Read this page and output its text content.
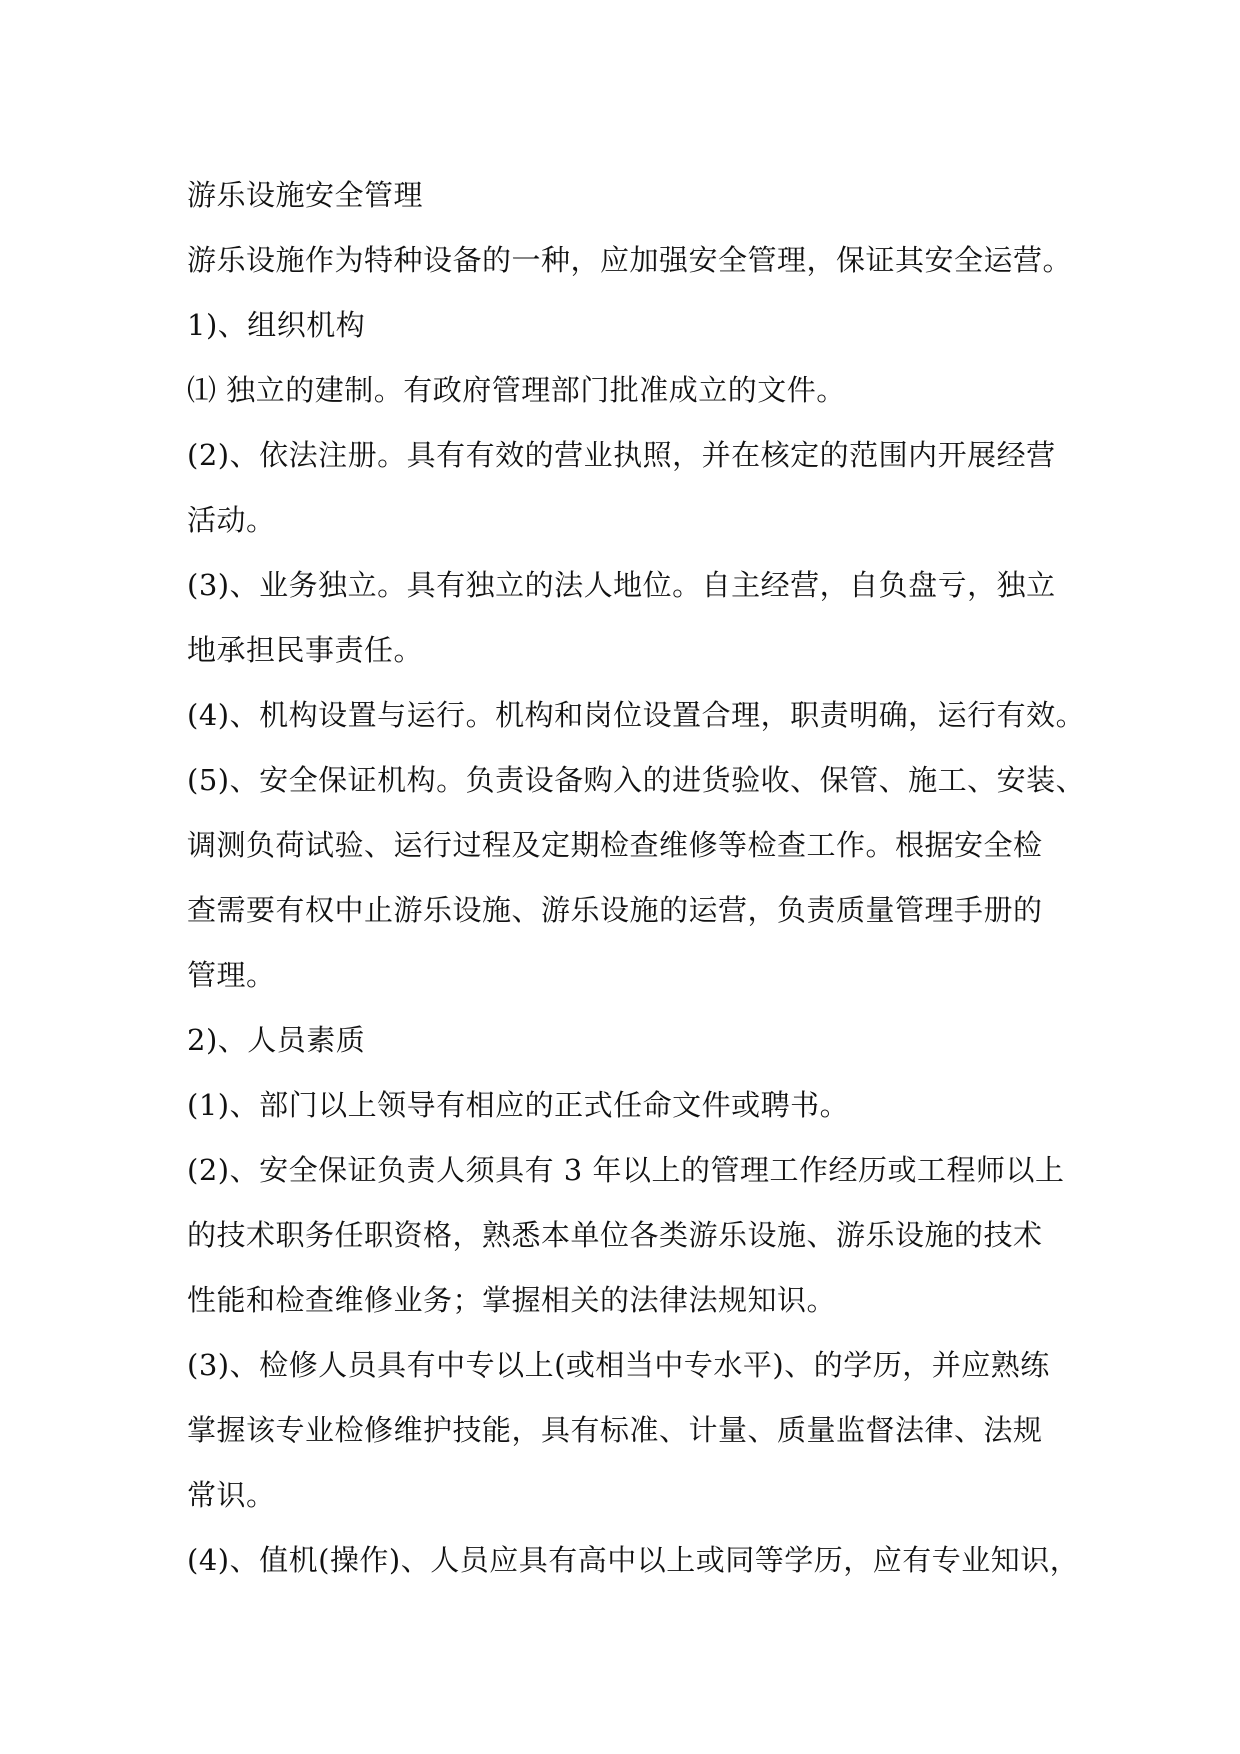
游乐设施安全管理
游乐设施作为特种设备的一种，应加强安全管理，保证其安全运营。
1)、组织机构
⑴ 独立的建制。有政府管理部门批准成立的文件。
(2)、依法注册。具有有效的营业执照，并在核定的范围内开展经营
活动。
(3)、业务独立。具有独立的法人地位。自主经营，自负盘亏，独立
地承担民事责任。
(4)、机构设置与运行。机构和岗位设置合理，职责明确，运行有效。
(5)、安全保证机构。负责设备购入的进货验收、保管、施工、安装、
调测负荷试验、运行过程及定期检查维修等检查工作。根据安全检
查需要有权中止游乐设施、游乐设施的运营，负责质量管理手册的
管理。
2)、人员素质
(1)、部门以上领导有相应的正式任命文件或聘书。
(2)、安全保证负责人须具有 3 年以上的管理工作经历或工程师以上
的技术职务任职资格，熟悉本单位各类游乐设施、游乐设施的技术
性能和检查维修业务；掌握相关的法律法规知识。
(3)、检修人员具有中专以上(或相当中专水平)、的学历，并应熟练
掌握该专业检修维护技能，具有标准、计量、质量监督法律、法规
常识。
(4)、值机(操作)、人员应具有高中以上或同等学历，应有专业知识，
